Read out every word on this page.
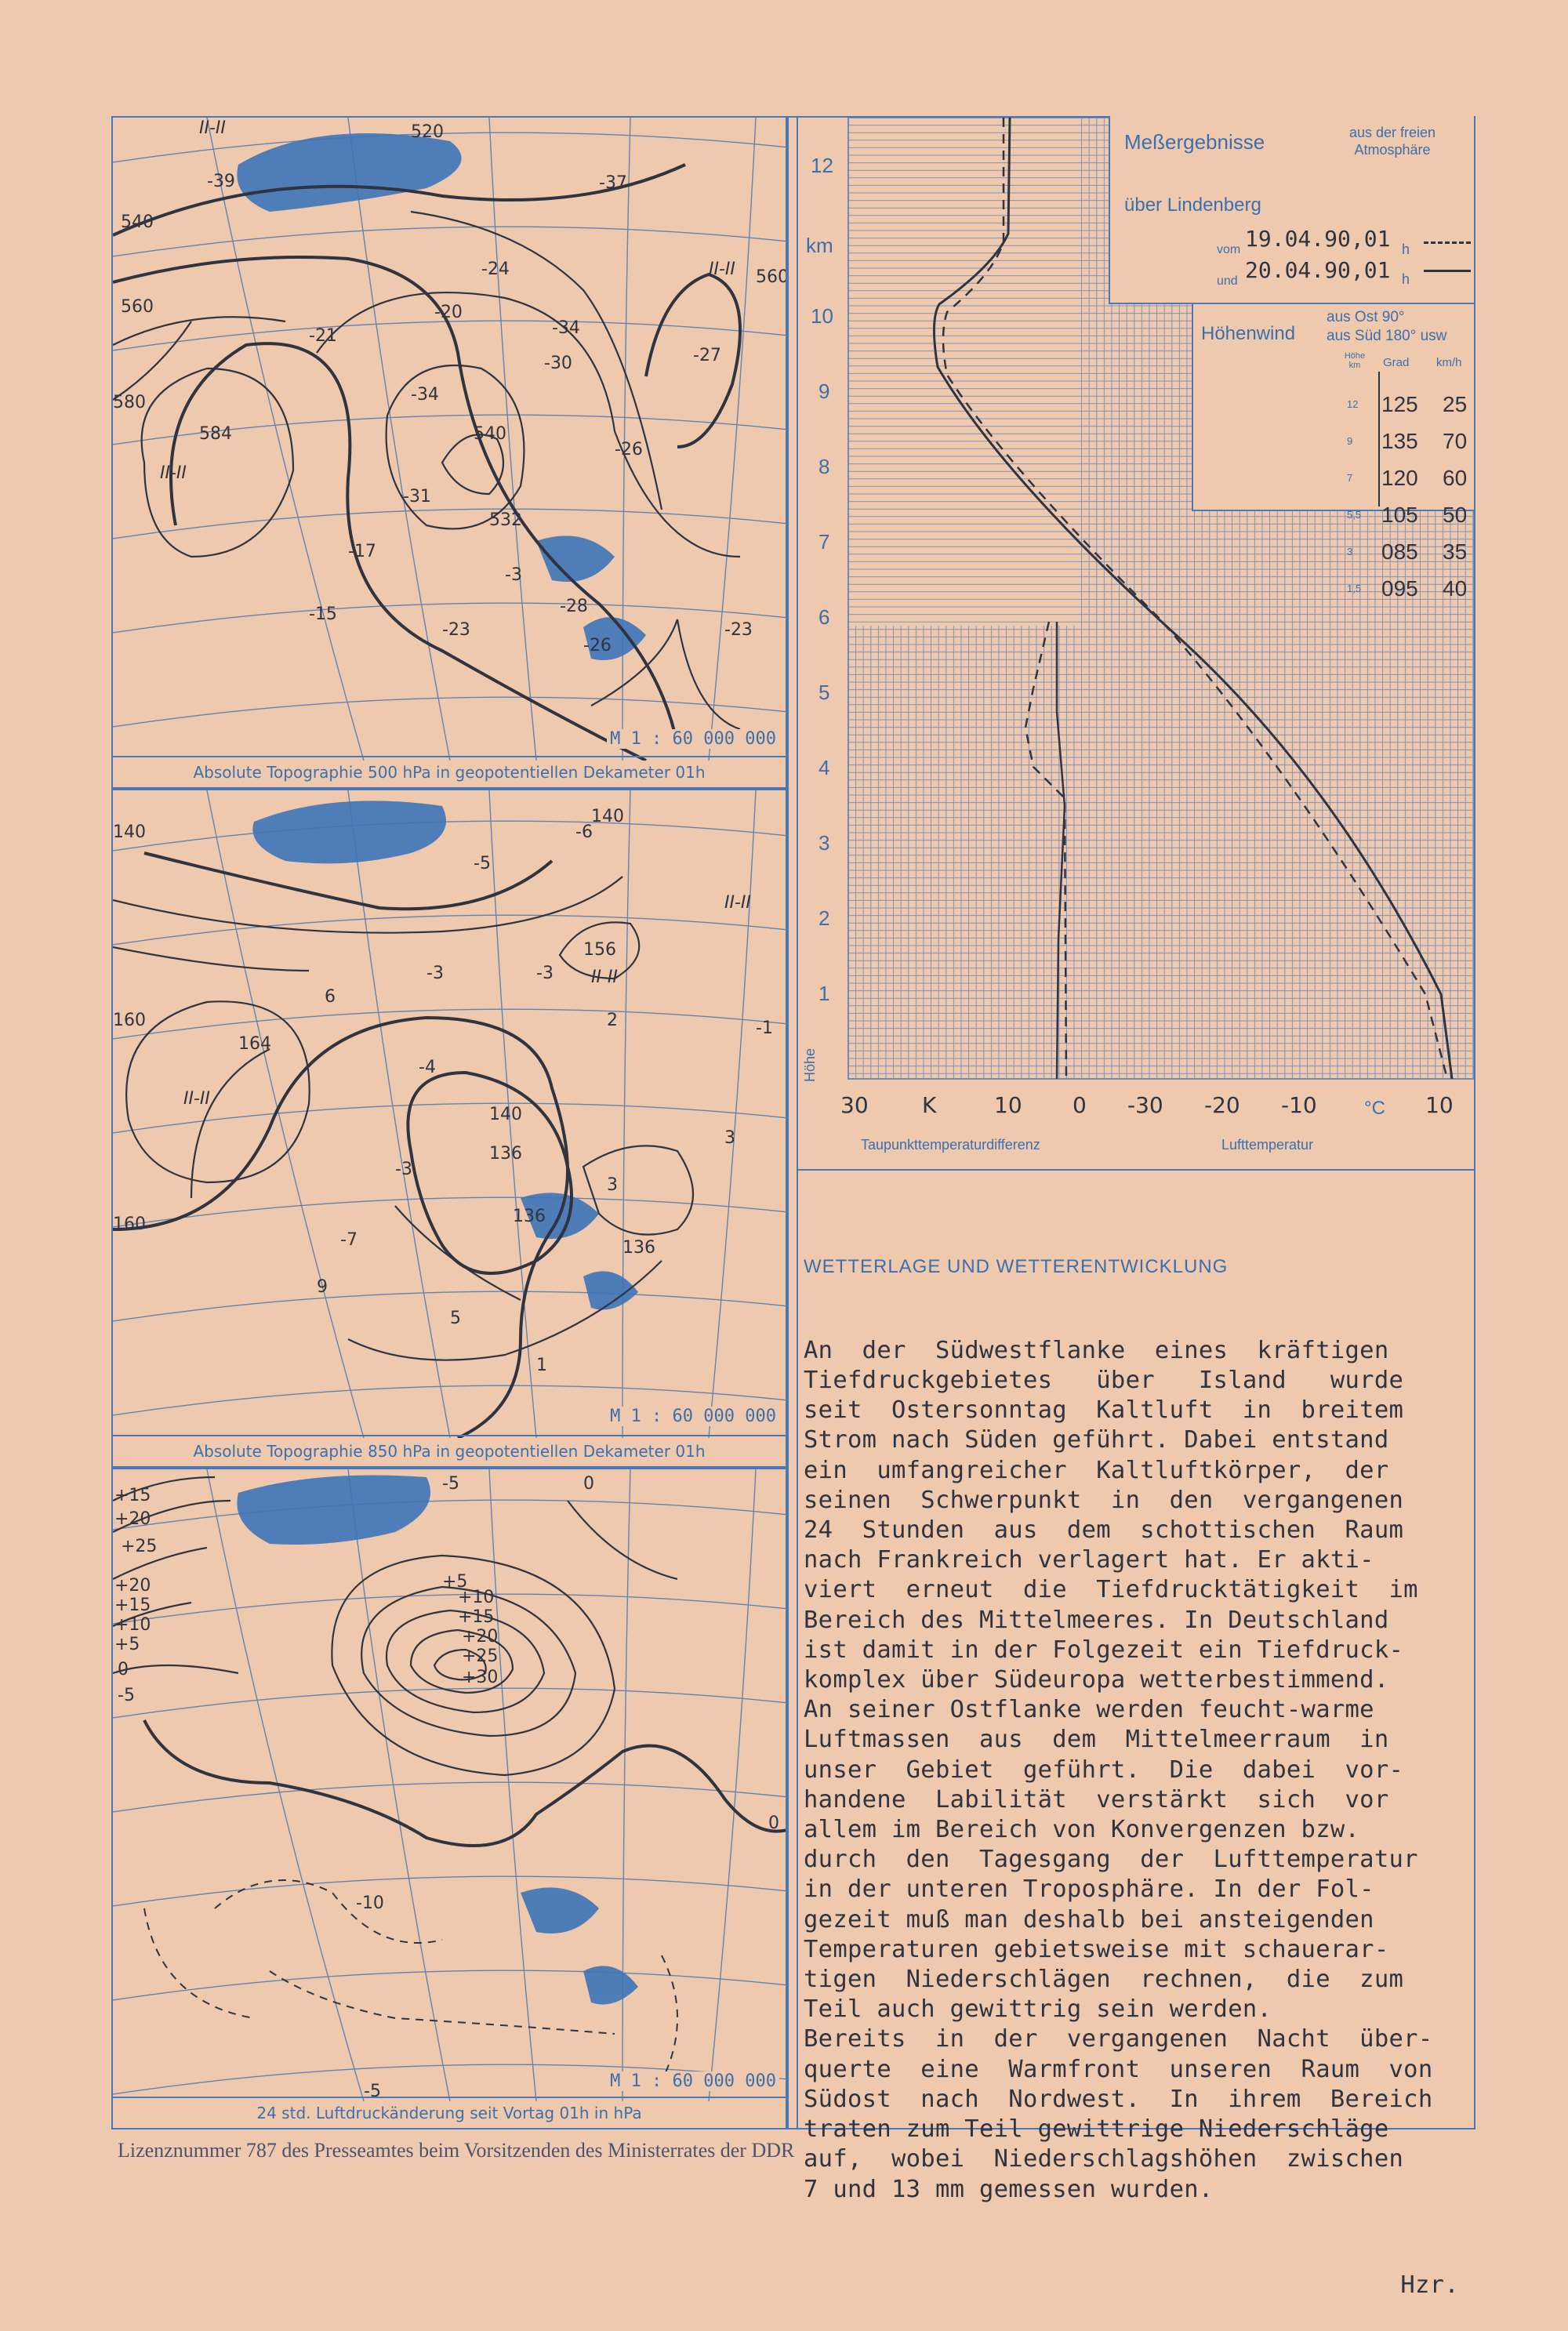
540
560
580
584
532
540
560
-39	-37
-24
-34
-20
-30	-27
-21
-34
-31
-17
-15
-23
-26
-28
-23
-26
-3
II-II
II-II
II-II	520
M 1 : 60 000 000
Absolute Topographie 500 hPa in geopotentiellen Dekameter 01h
140
140
160
164
160
156
140
136
136
136
-6
-5
-3	-3
-4
-3
-1
2
3
3
6
9
-7
5
1
II-II
II-II
II-II
M 1 : 60 000 000
Absolute Topographie 850 hPa in geopotentiellen Dekameter 01h
+15
+20
+25
+20
+15
+10
+5
0
-5
+5
+10
+15
+20
+25
+30
0
-5
-5
-10
0
M 1 : 60 000 000
24 std. Luftdruckänderung seit Vortag 01h in hPa
12
km
10
9
8
7
6
5
4
3
2
1
Höhe
30 K	10 0 -30 -20 -10	°C 10
Taupunkttemperaturdifferenz	Lufttemperatur
Meßergebnisse	aus der freien Atmosphäre
über Lindenberg
vom 19.04.90,01 h
und 20.04.90,01 h
Höhenwind
aus Ost 90°
aus Süd 180° usw
Höhe km	Grad km/h
12 125 25
9 135 70
7 120 60
5,5 105 50
3 085 35
1,5 095 40

WETTERLAGE UND WETTERENTWICKLUNG

An  der  Südwestflanke  eines  kräftigen
Tiefdruckgebietes   über   Island   wurde
seit  Ostersonntag  Kaltluft  in  breitem
Strom nach Süden geführt. Dabei entstand
ein  umfangreicher  Kaltluftkörper,  der
seinen  Schwerpunkt  in  den  vergangenen
24  Stunden  aus  dem  schottischen  Raum
nach Frankreich verlagert hat. Er akti-
viert  erneut  die  Tiefdrucktätigkeit  im
Bereich des Mittelmeeres. In Deutschland
ist damit in der Folgezeit ein Tiefdruck-
komplex über Südeuropa wetterbestimmend.
An seiner Ostflanke werden feucht-warme
Luftmassen  aus  dem  Mittelmeerraum  in
unser  Gebiet  geführt.  Die  dabei  vor-
handene  Labilität  verstärkt  sich  vor
allem im Bereich von Konvergenzen bzw.
durch  den  Tagesgang  der  Lufttemperatur
in der unteren Troposphäre. In der Fol-
gezeit muß man deshalb bei ansteigenden
Temperaturen gebietsweise mit schauerar-
tigen  Niederschlägen  rechnen,  die  zum
Teil auch gewittrig sein werden.
Bereits  in  der  vergangenen  Nacht  über-
querte  eine  Warmfront  unseren  Raum  von
Südost  nach  Nordwest.  In  ihrem  Bereich
traten zum Teil gewittrige Niederschläge
auf,  wobei  Niederschlagshöhen  zwischen
7 und 13 mm gemessen wurden.

Hzr.

Lizenznummer 787 des Presseamtes beim Vorsitzenden des Ministerrates der DDR
